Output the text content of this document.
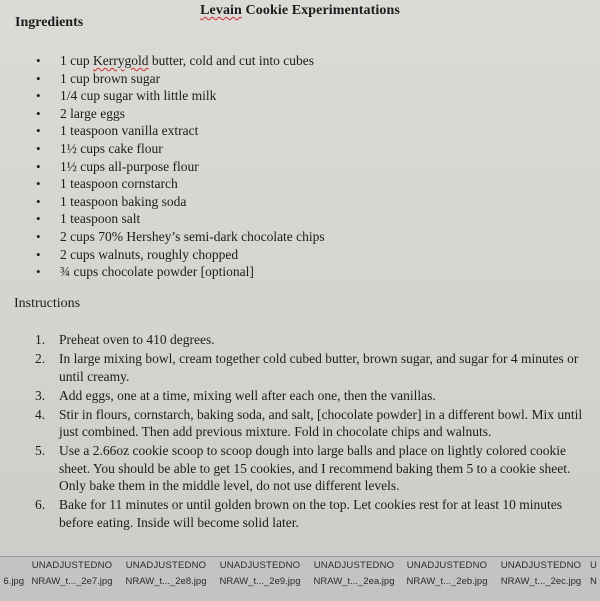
Levain Cookie Experimentations
Ingredients
• 1 cup Kerrygold butter, cold and cut into cubes
• 1 cup brown sugar
• 1/4 cup sugar with little milk
• 2 large eggs
• 1 teaspoon vanilla extract
• 1½ cups cake flour
• 1½ cups all-purpose flour
• 1 teaspoon cornstarch
• 1 teaspoon baking soda
• 1 teaspoon salt
• 2 cups 70% Hershey’s semi-dark chocolate chips
• 2 cups walnuts, roughly chopped
• ¾ cups chocolate powder [optional]
Instructions
1. Preheat oven to 410 degrees.
2. In large mixing bowl, cream together cold cubed butter, brown sugar, and sugar for 4 minutes or until creamy.
3. Add eggs, one at a time, mixing well after each one, then the vanillas.
4. Stir in flours, cornstarch, baking soda, and salt, [chocolate powder] in a different bowl. Mix until just combined. Then add previous mixture. Fold in chocolate chips and walnuts.
5. Use a 2.66oz cookie scoop to scoop dough into large balls and place on lightly colored cookie sheet. You should be able to get 15 cookies, and I recommend baking them 5 to a cookie sheet. Only bake them in the middle level, do not use different levels.
6. Bake for 11 minutes or until golden brown on the top. Let cookies rest for at least 10 minutes before eating. Inside will become solid later.
6.jpg
UNADJUSTEDNO
NRAW_t..._2e7.jpg
UNADJUSTEDNO
NRAW_t..._2e8.jpg
UNADJUSTEDNO
NRAW_t..._2e9.jpg
UNADJUSTEDNO
NRAW_t..._2ea.jpg
UNADJUSTEDNO
NRAW_t..._2eb.jpg
UNADJUSTEDNO
NRAW_t..._2ec.jpg
U
N
